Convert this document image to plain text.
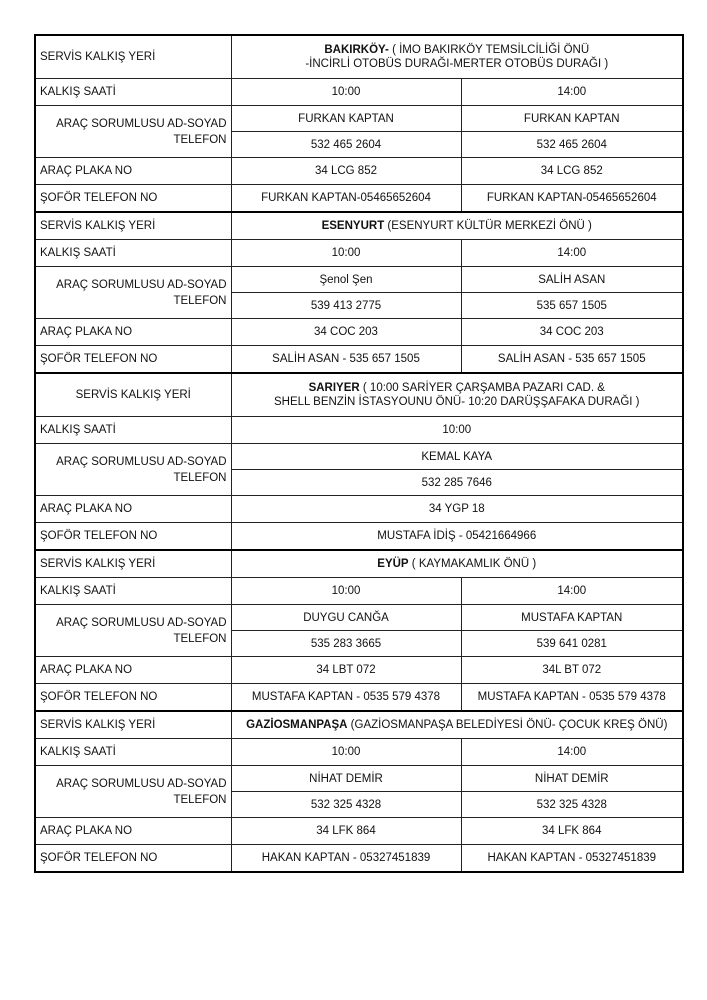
SERVİS KALKIŞ YERİ	BAKIRKÖY- ( İMO BAKIRKÖY TEMSİLCİLİĞİ ÖNÜ
-İNCİRLİ OTOBÜS DURAĞI-MERTER OTOBÜS DURAĞI )	

KALKIŞ SAATİ	10:00	14:00

ARAÇ SORUMLUSU AD-SOYAD
TELEFON	FURKAN KAPTAN	FURKAN KAPTAN
	532 465 2604	532 465 2604
ARAÇ PLAKA NO	34 LCG 852	34 LCG 852
ŞOFÖR TELEFON NO	FURKAN KAPTAN-05465652604	FURKAN KAPTAN-05465652604
SERVİS KALKIŞ YERİ	ESENYURT (ESENYURT KÜLTÜR MERKEZİ ÖNÜ )	
KALKIŞ SAATİ	10:00	14:00

ARAÇ SORUMLUSU AD-SOYAD
TELEFON	Şenol Şen	SALİH ASAN
	539 413 2775	535 657 1505
ARAÇ PLAKA NO	34 COC 203	34 COC 203
ŞOFÖR TELEFON NO	SALİH ASAN - 535 657 1505	SALİH ASAN - 535 657 1505
SERVİS KALKIŞ YERİ	SARIYER ( 10:00 SARİYER ÇARŞAMBA PAZARI CAD. &
SHELL BENZİN İSTASYOUNU ÖNÜ- 10:20 DARÜŞŞAFAKA DURAĞI )	

KALKIŞ SAATİ	10:00	

ARAÇ SORUMLUSU AD-SOYAD
TELEFON	KEMAL KAYA	
	532 285 7646	
ARAÇ PLAKA NO	34 YGP 18	
ŞOFÖR TELEFON NO	MUSTAFA İDİŞ - 05421664966	
SERVİS KALKIŞ YERİ	EYÜP ( KAYMAKAMLIK ÖNÜ )	
KALKIŞ SAATİ	10:00	14:00

ARAÇ SORUMLUSU AD-SOYAD
TELEFON	DUYGU CANĞA	MUSTAFA KAPTAN
	535 283 3665	539 641 0281
ARAÇ PLAKA NO	34 LBT 072	34L BT 072
ŞOFÖR TELEFON NO	MUSTAFA KAPTAN - 0535 579 4378	MUSTAFA KAPTAN - 0535 579 4378
SERVİS KALKIŞ YERİ	GAZİOSMANPAŞA (GAZİOSMANPAŞA BELEDİYESİ ÖNÜ- ÇOCUK KREŞ ÖNÜ)	
KALKIŞ SAATİ	10:00	14:00

ARAÇ SORUMLUSU AD-SOYAD
TELEFON	NİHAT DEMİR	NİHAT DEMİR
	532 325 4328	532 325 4328
ARAÇ PLAKA NO	34 LFK 864	34 LFK 864
ŞOFÖR TELEFON NO	HAKAN KAPTAN - 05327451839	HAKAN KAPTAN - 05327451839
